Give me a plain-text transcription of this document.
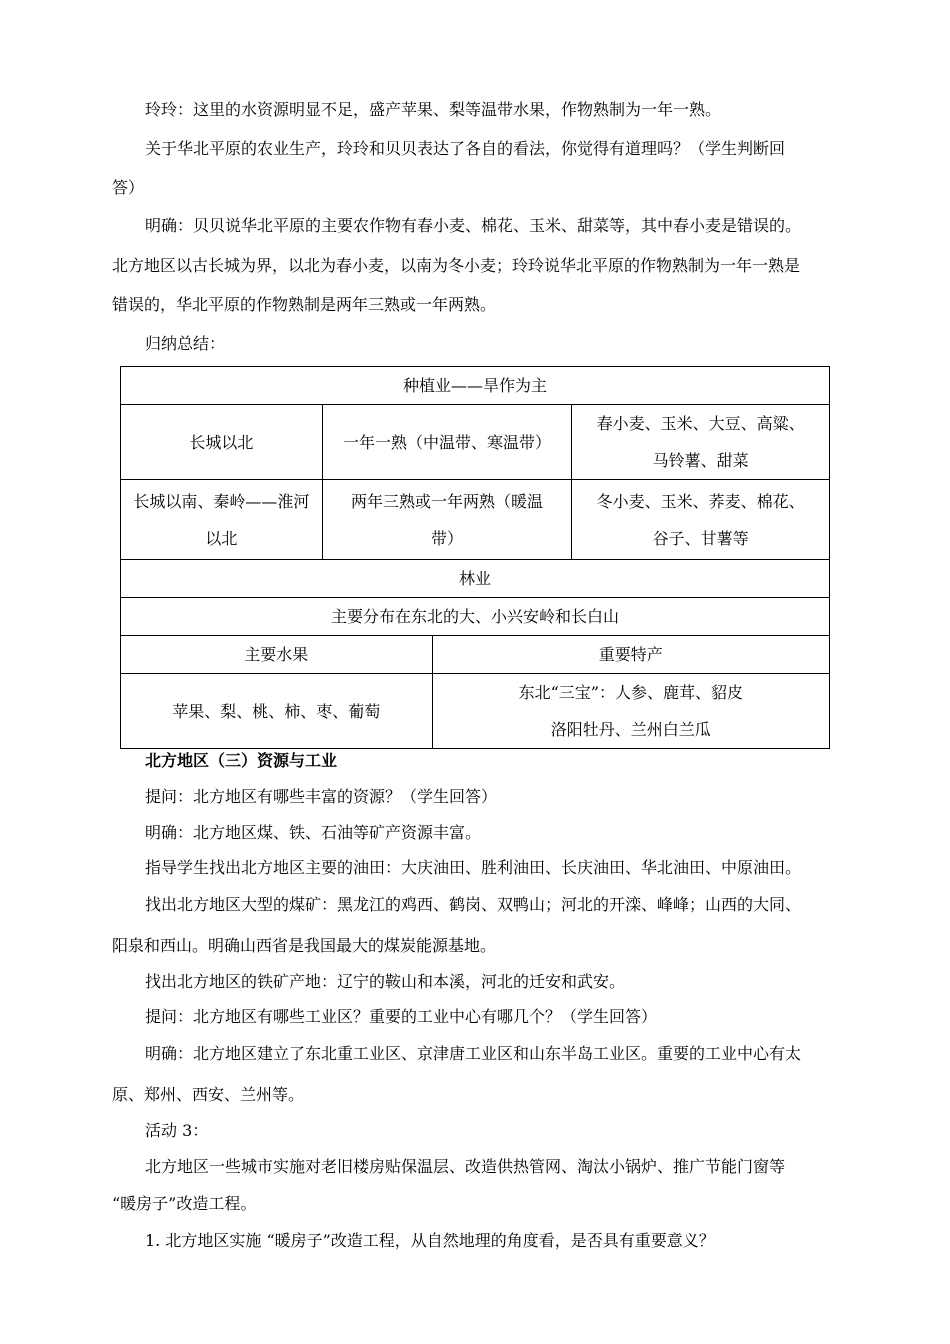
玲玲：这里的水资源明显不足，盛产苹果、梨等温带水果，作物熟制为一年一熟。
关于华北平原的农业生产，玲玲和贝贝表达了各自的看法，你觉得有道理吗？（学生判断回
答）
明确：贝贝说华北平原的主要农作物有春小麦、棉花、玉米、甜菜等，其中春小麦是错误的。
北方地区以古长城为界，以北为春小麦，以南为冬小麦；玲玲说华北平原的作物熟制为一年一熟是
错误的，华北平原的作物熟制是两年三熟或一年两熟。
归纳总结：
种植业——旱作为主			

长城以北	一年一熟（中温带、寒温带）		春小麦、玉米、大豆、高粱、
马铃薯、甜菜

长城以南、秦岭——淮河
以北	两年三熟或一年两熟（暖温
带）		冬小麦、玉米、荞麦、棉花、
谷子、甘薯等

林业			
主要分布在东北的大、小兴安岭和长白山			
主要水果		重要特产	
苹果、梨、桃、柿、枣、葡萄		东北“三宝”：人参、鹿茸、貂皮
洛阳牡丹、兰州白兰瓜	
北方地区（三）资源与工业
提问：北方地区有哪些丰富的资源？（学生回答）
明确：北方地区煤、铁、石油等矿产资源丰富。
指导学生找出北方地区主要的油田：大庆油田、胜利油田、长庆油田、华北油田、中原油田。
找出北方地区大型的煤矿：黑龙江的鸡西、鹤岗、双鸭山；河北的开滦、峰峰；山西的大同、
阳泉和西山。明确山西省是我国最大的煤炭能源基地。
找出北方地区的铁矿产地：辽宁的鞍山和本溪，河北的迁安和武安。
提问：北方地区有哪些工业区？重要的工业中心有哪几个？（学生回答）
明确：北方地区建立了东北重工业区、京津唐工业区和山东半岛工业区。重要的工业中心有太
原、郑州、西安、兰州等。
活动 3：
北方地区一些城市实施对老旧楼房贴保温层、改造供热管网、淘汰小锅炉、推广节能门窗等
“暖房子”改造工程。
1. 北方地区实施 “暖房子”改造工程，从自然地理的角度看，是否具有重要意义？
